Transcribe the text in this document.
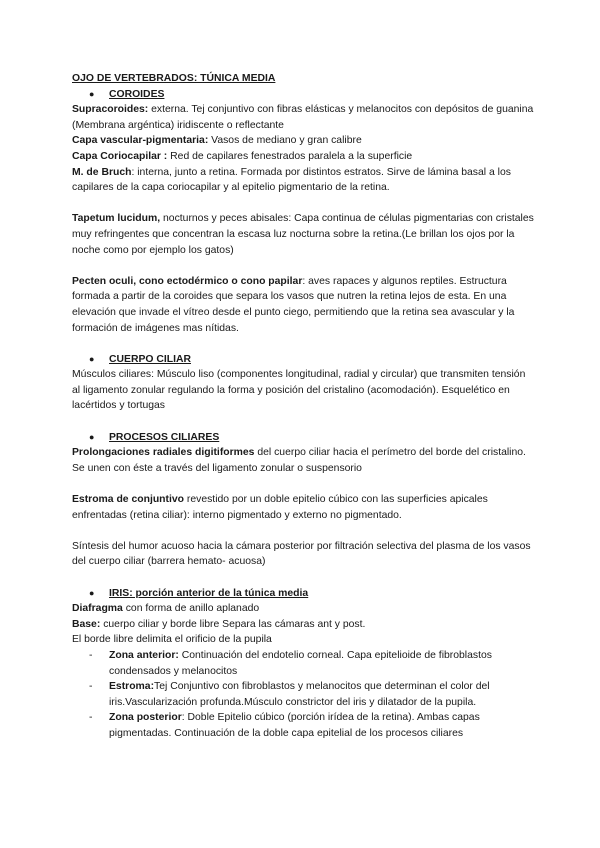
OJO DE VERTEBRADOS: TÚNICA MEDIA

● COROIDES

Supracoroides: externa. Tej conjuntivo con fibras elásticas y melanocitos con depósitos de guanina (Membrana argéntica) iridiscente o reflectante

Capa vascular-pigmentaria: Vasos de mediano y gran calibre

Capa Coriocapilar : Red de capilares fenestrados paralela a la superficie

M. de Bruch: interna, junto a retina. Formada por distintos estratos. Sirve de lámina basal a los capilares de la capa coriocapilar y al epitelio pigmentario de la retina.

Tapetum lucidum, nocturnos y peces abisales: Capa continua de células pigmentarias con cristales muy refringentes que concentran la escasa luz nocturna sobre la retina.(Le brillan los ojos por la noche como por ejemplo los gatos)

Pecten oculi, cono ectodérmico o cono papilar: aves rapaces y algunos reptiles. Estructura formada a partir de la coroides que separa los vasos que nutren la retina lejos de esta. En una elevación que invade el vítreo desde el punto ciego, permitiendo que la retina sea avascular y la formación de imágenes mas nítidas.

● CUERPO CILIAR

Músculos ciliares: Músculo liso (componentes longitudinal, radial y circular) que transmiten tensión al ligamento zonular regulando la forma y posición del cristalino (acomodación). Esquelético en lacértidos y tortugas

● PROCESOS CILIARES

Prolongaciones radiales digitiformes del cuerpo ciliar hacia el perímetro del borde del cristalino. Se unen con éste a través del ligamento zonular o suspensorio

Estroma de conjuntivo revestido por un doble epitelio cúbico con las superficies apicales enfrentadas (retina ciliar): interno pigmentado y externo no pigmentado.

Síntesis del humor acuoso hacia la cámara posterior por filtración selectiva del plasma de los vasos del cuerpo ciliar (barrera hemato- acuosa)

● IRIS: porción anterior de la túnica media

Diafragma con forma de anillo aplanado

Base: cuerpo ciliar y borde libre Separa las cámaras ant y post.

El borde libre delimita el orificio de la pupila

- Zona anterior: Continuación del endotelio corneal. Capa epitelioide de fibroblastos condensados y melanocitos
- Estroma:Tej Conjuntivo con fibroblastos y melanocitos que determinan el color del iris.Vascularización profunda.Músculo constrictor del iris y dilatador de la pupila.
- Zona posterior: Doble Epitelio cúbico (porción irídea de la retina). Ambas capas pigmentadas. Continuación de la doble capa epitelial de los procesos ciliares
